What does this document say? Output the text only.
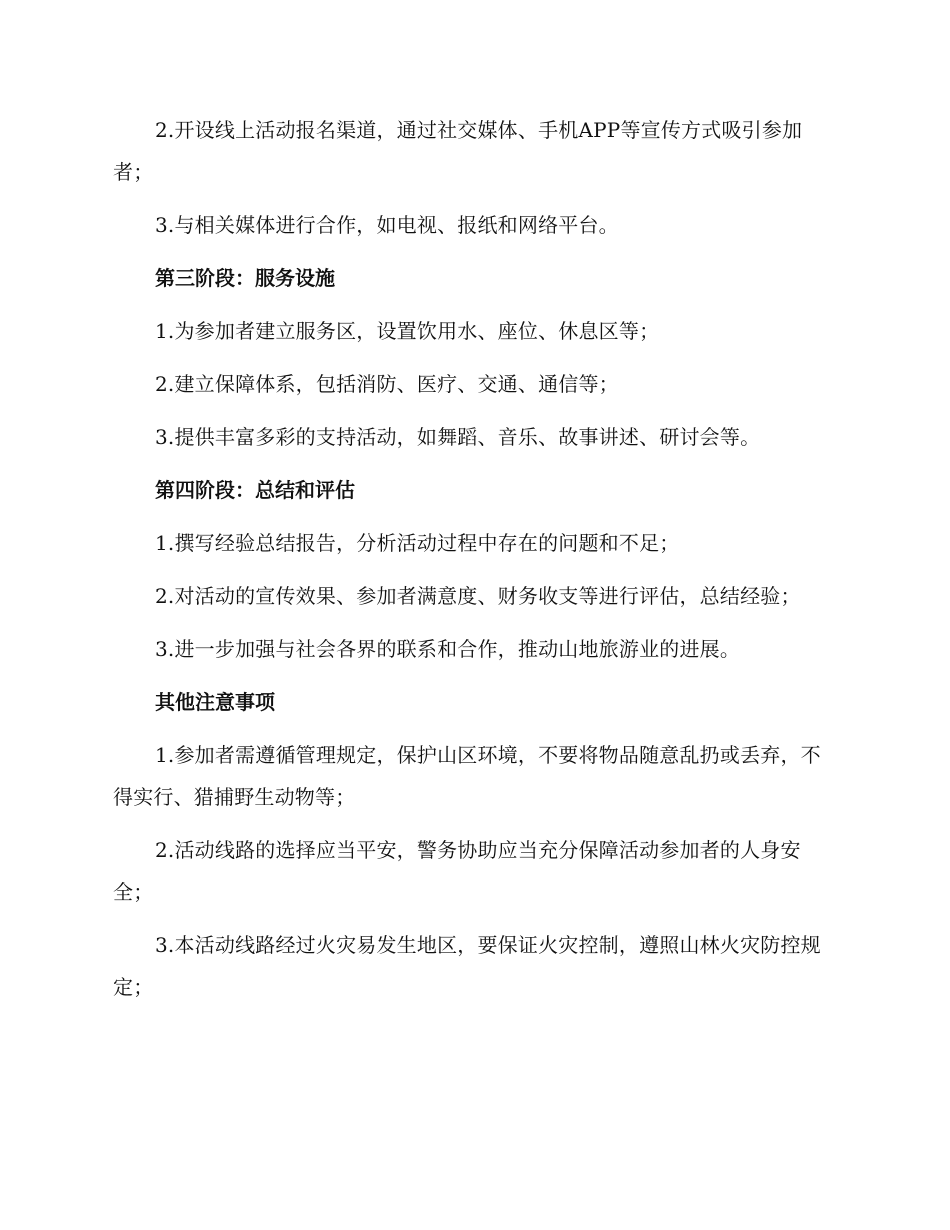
2.开设线上活动报名渠道，通过社交媒体、手机APP等宣传方式吸引参加者；

3.与相关媒体进行合作，如电视、报纸和网络平台。

第三阶段：服务设施

1.为参加者建立服务区，设置饮用水、座位、休息区等；

2.建立保障体系，包括消防、医疗、交通、通信等；

3.提供丰富多彩的支持活动，如舞蹈、音乐、故事讲述、研讨会等。

第四阶段：总结和评估

1.撰写经验总结报告，分析活动过程中存在的问题和不足；

2.对活动的宣传效果、参加者满意度、财务收支等进行评估，总结经验；

3.进一步加强与社会各界的联系和合作，推动山地旅游业的进展。

其他注意事项

1.参加者需遵循管理规定，保护山区环境，不要将物品随意乱扔或丢弃，不得实行、猎捕野生动物等；

2.活动线路的选择应当平安，警务协助应当充分保障活动参加者的人身安全；

3.本活动线路经过火灾易发生地区，要保证火灾控制，遵照山林火灾防控规定；
